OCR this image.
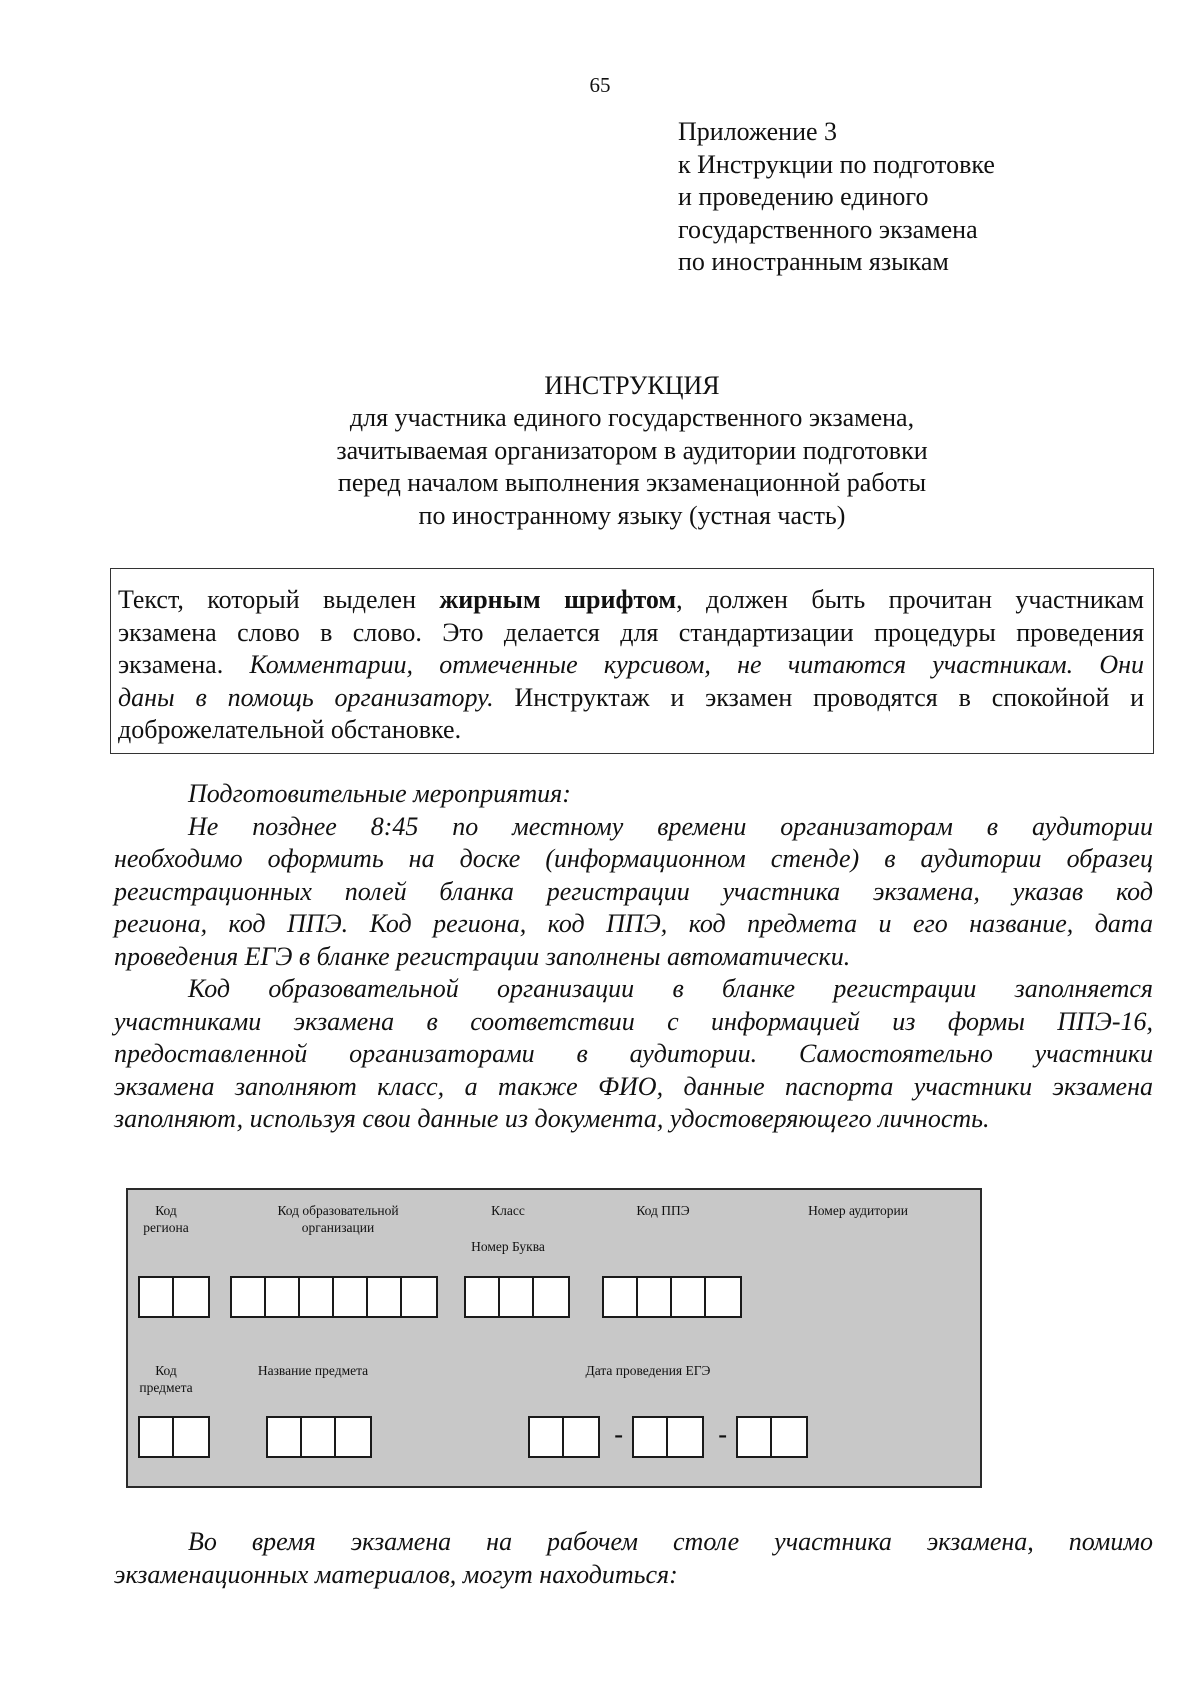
65
Приложение 3
к Инструкции по подготовке
и проведению единого
государственного экзамена
по иностранным языкам
ИНСТРУКЦИЯ
для участника единого государственного экзамена,
зачитываемая организатором в аудитории подготовки
перед началом выполнения экзаменационной работы
по иностранному языку (устная часть)
Текст, который выделен жирным шрифтом, должен быть прочитан участникам
экзамена слово в слово. Это делается для стандартизации процедуры проведения
экзамена. Комментарии, отмеченные курсивом, не читаются участникам. Они
даны в помощь организатору. Инструктаж и экзамен проводятся в спокойной и
доброжелательной обстановке.
Подготовительные мероприятия:
Не позднее 8:45 по местному времени организаторам в аудитории
необходимо оформить на доске (информационном стенде) в аудитории образец
регистрационных полей бланка регистрации участника экзамена, указав код
региона, код ППЭ. Код региона, код ППЭ, код предмета и его название, дата
проведения ЕГЭ в бланке регистрации заполнены автоматически.
Код образовательной организации в бланке регистрации заполняется
участниками экзамена в соответствии с информацией из формы ППЭ-16,
предоставленной организаторами в аудитории. Самостоятельно участники
экзамена заполняют класс, а также ФИО, данные паспорта участники экзамена
заполняют, используя свои данные из документа, удостоверяющего личность.
Код
региона
Код образовательной
организации
Класс
Номер Буква
Код ППЭ	Номер аудитории
Код
предмета
Название предмета	Дата проведения ЕГЭ
-	-
Во время экзамена на рабочем столе участника экзамена, помимо
экзаменационных материалов, могут находиться:
